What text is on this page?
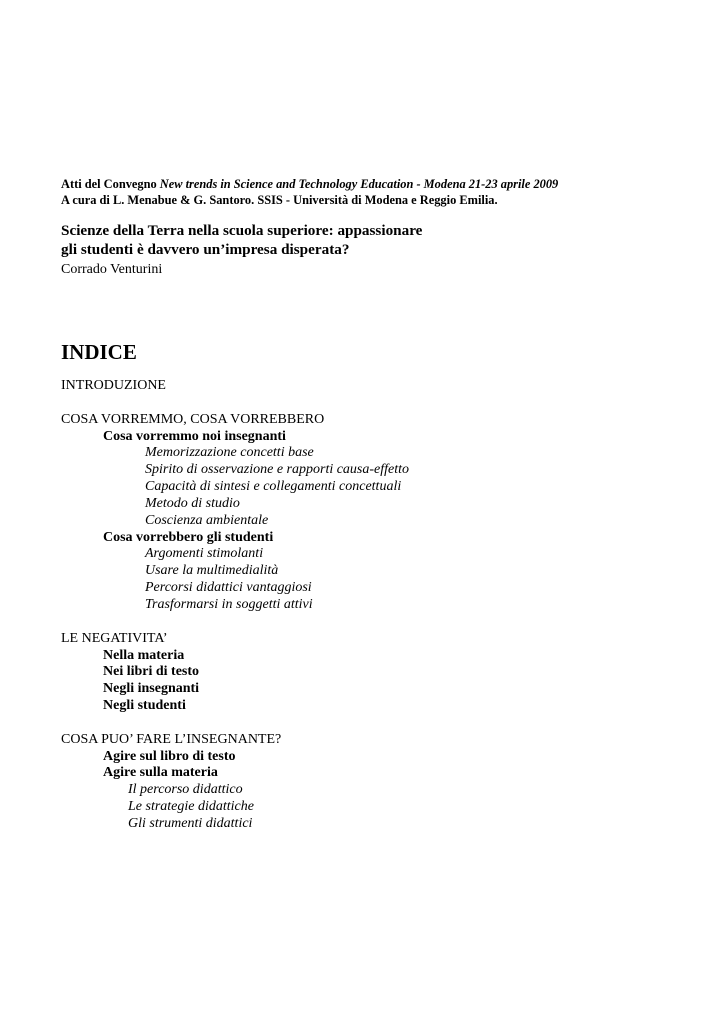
Atti del Convegno New trends in Science and Technology Education - Modena 21-23 aprile 2009
A cura di L. Menabue & G. Santoro. SSIS - Università di Modena e Reggio Emilia.
Scienze della Terra nella scuola superiore: appassionare
gli studenti è davvero un’impresa disperata?
Corrado Venturini
INDICE
INTRODUZIONE
COSA VORREMMO, COSA VORREBBERO
Cosa vorremmo noi insegnanti
Memorizzazione concetti base
Spirito di osservazione e rapporti causa-effetto
Capacità di sintesi e collegamenti concettuali
Metodo di studio
Coscienza ambientale
Cosa vorrebbero gli studenti
Argomenti stimolanti
Usare la multimedialità
Percorsi didattici vantaggiosi
Trasformarsi in soggetti attivi
LE NEGATIVITA’
Nella materia
Nei libri di testo
Negli insegnanti
Negli studenti
COSA PUO’ FARE L’INSEGNANTE?
Agire sul libro di testo
Agire sulla materia
Il percorso didattico
Le strategie didattiche
Gli strumenti didattici
